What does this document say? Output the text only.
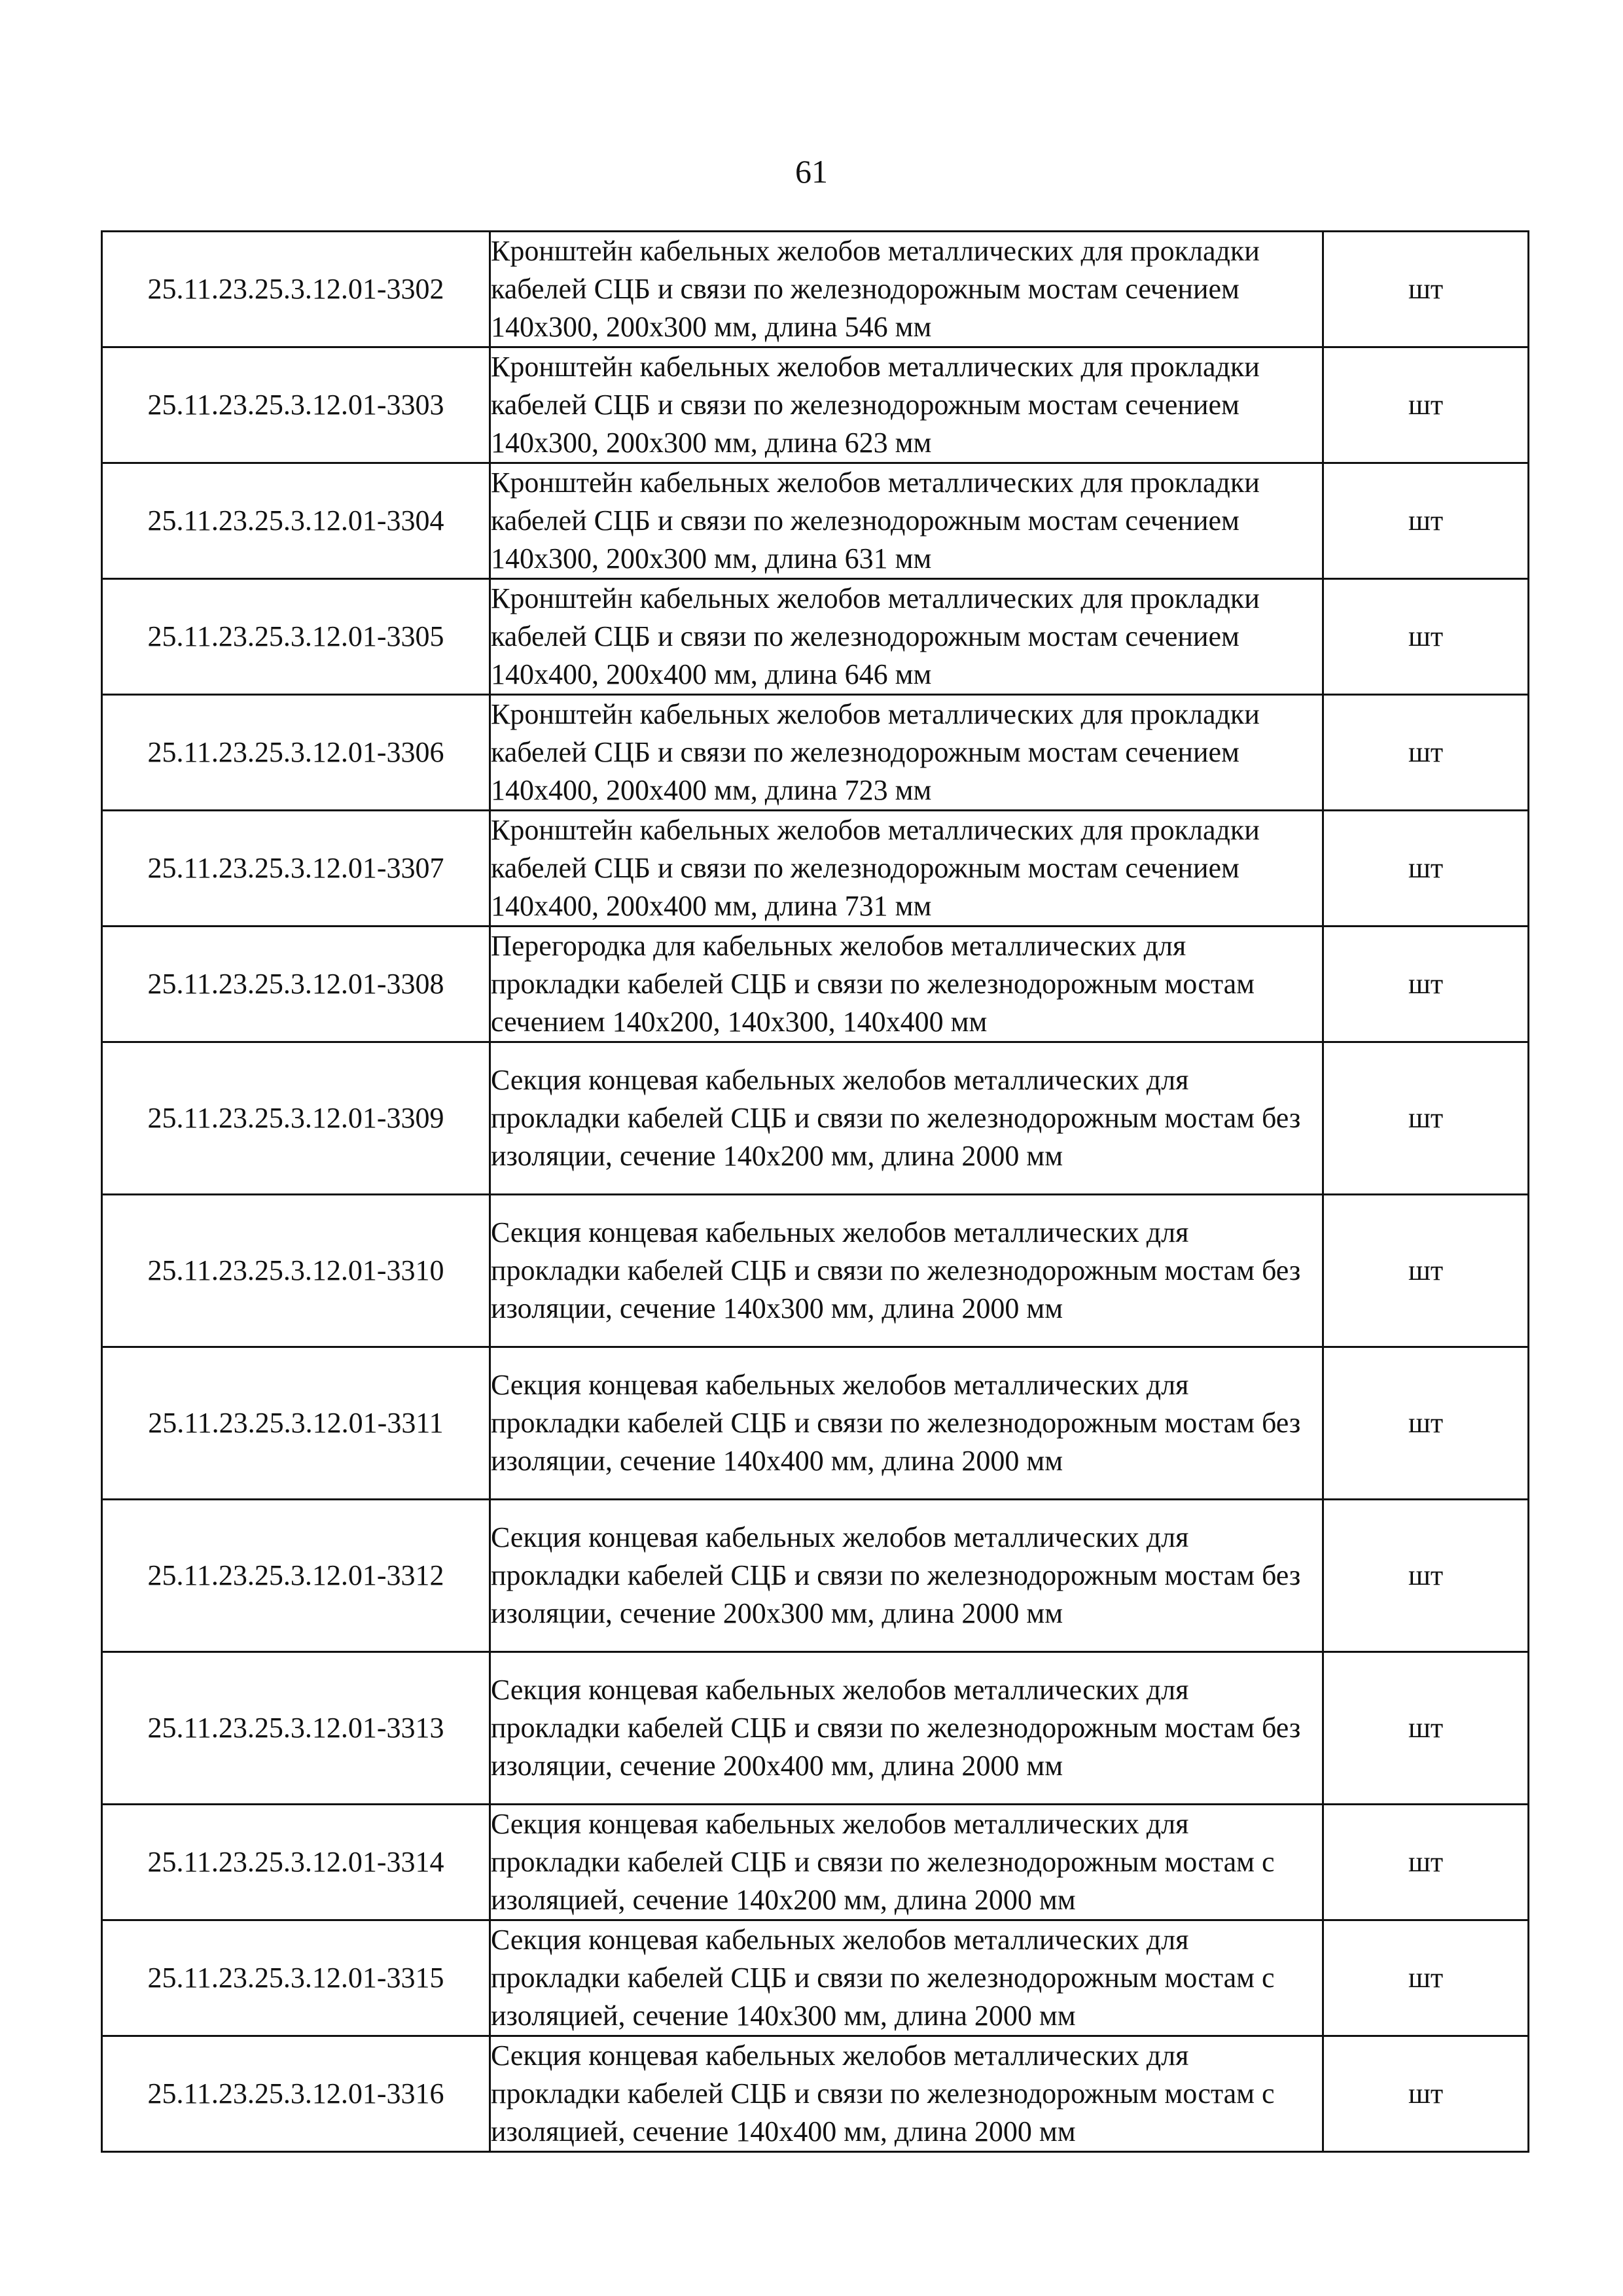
61
25.11.23.25.3.12.01-3302	Кронштейн кабельных желобов металлических для прокладки кабелей СЦБ и связи по железнодорожным мостам сечением 140х300, 200х300 мм, длина 546 мм	шт
25.11.23.25.3.12.01-3303	Кронштейн кабельных желобов металлических для прокладки кабелей СЦБ и связи по железнодорожным мостам сечением 140х300, 200х300 мм, длина 623 мм	шт
25.11.23.25.3.12.01-3304	Кронштейн кабельных желобов металлических для прокладки кабелей СЦБ и связи по железнодорожным мостам сечением 140х300, 200х300 мм, длина 631 мм	шт
25.11.23.25.3.12.01-3305	Кронштейн кабельных желобов металлических для прокладки кабелей СЦБ и связи по железнодорожным мостам сечением 140х400, 200х400 мм, длина 646 мм	шт
25.11.23.25.3.12.01-3306	Кронштейн кабельных желобов металлических для прокладки кабелей СЦБ и связи по железнодорожным мостам сечением 140х400, 200х400 мм, длина 723 мм	шт
25.11.23.25.3.12.01-3307	Кронштейн кабельных желобов металлических для прокладки кабелей СЦБ и связи по железнодорожным мостам сечением 140х400, 200х400 мм, длина 731 мм	шт
25.11.23.25.3.12.01-3308	Перегородка для кабельных желобов металлических для прокладки кабелей СЦБ и связи по железнодорожным мостам сечением 140х200, 140х300, 140х400 мм	шт
25.11.23.25.3.12.01-3309	Секция концевая кабельных желобов металлических для прокладки кабелей СЦБ и связи по железнодорожным мостам без изоляции, сечение 140х200 мм, длина 2000 мм	шт
25.11.23.25.3.12.01-3310	Секция концевая кабельных желобов металлических для прокладки кабелей СЦБ и связи по железнодорожным мостам без изоляции, сечение 140х300 мм, длина 2000 мм	шт
25.11.23.25.3.12.01-3311	Секция концевая кабельных желобов металлических для прокладки кабелей СЦБ и связи по железнодорожным мостам без изоляции, сечение 140х400 мм, длина 2000 мм	шт
25.11.23.25.3.12.01-3312	Секция концевая кабельных желобов металлических для прокладки кабелей СЦБ и связи по железнодорожным мостам без изоляции, сечение 200х300 мм, длина 2000 мм	шт
25.11.23.25.3.12.01-3313	Секция концевая кабельных желобов металлических для прокладки кабелей СЦБ и связи по железнодорожным мостам без изоляции, сечение 200х400 мм, длина 2000 мм	шт
25.11.23.25.3.12.01-3314	Секция концевая кабельных желобов металлических для прокладки кабелей СЦБ и связи по железнодорожным мостам с изоляцией, сечение 140х200 мм, длина 2000 мм	шт
25.11.23.25.3.12.01-3315	Секция концевая кабельных желобов металлических для прокладки кабелей СЦБ и связи по железнодорожным мостам с изоляцией, сечение 140х300 мм, длина 2000 мм	шт
25.11.23.25.3.12.01-3316	Секция концевая кабельных желобов металлических для прокладки кабелей СЦБ и связи по железнодорожным мостам с изоляцией, сечение 140х400 мм, длина 2000 мм	шт
